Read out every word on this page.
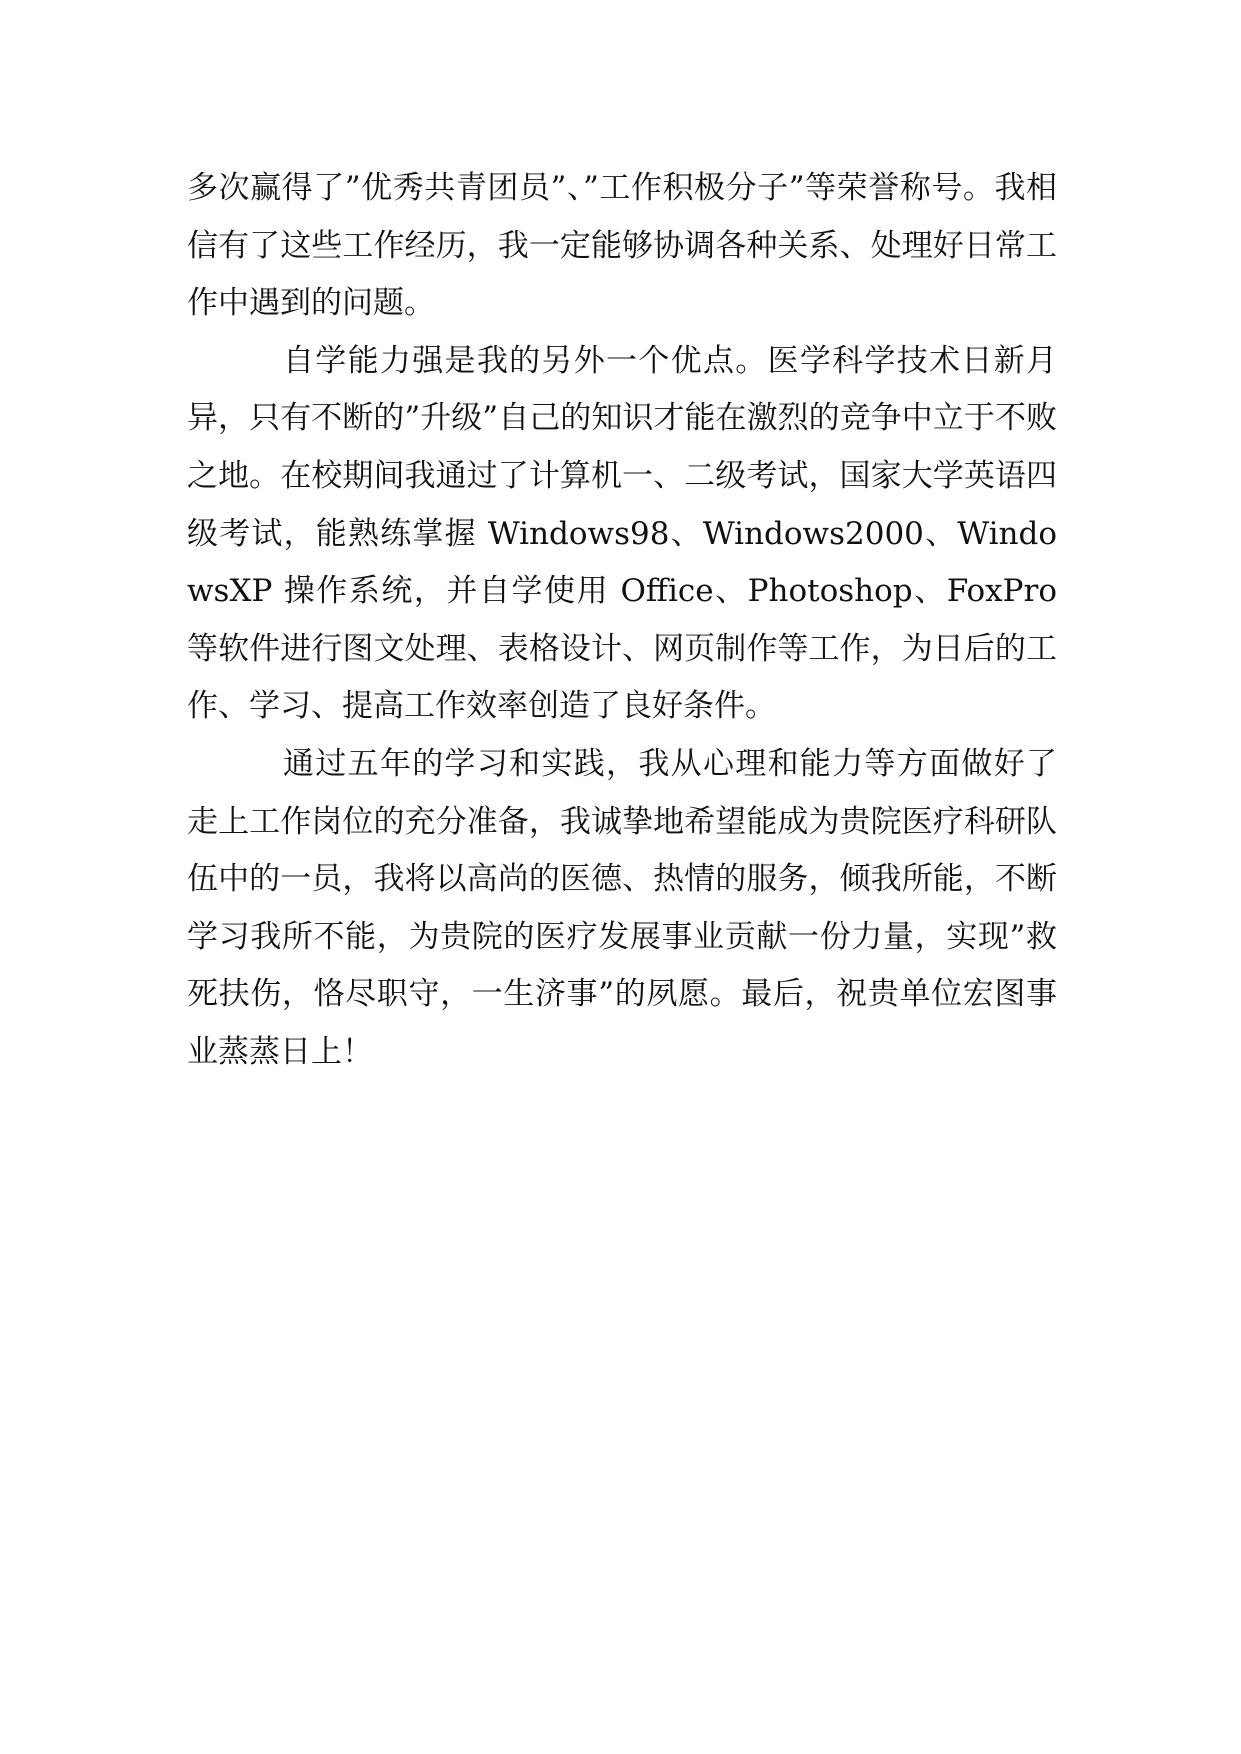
多次赢得了”优秀共青团员”、”工作积极分子”等荣誉称号。我相信有了这些工作经历，我一定能够协调各种关系、处理好日常工作中遇到的问题。

自学能力强是我的另外一个优点。医学科学技术日新月异，只有不断的”升级”自己的知识才能在激烈的竞争中立于不败之地。在校期间我通过了计算机一、二级考试，国家大学英语四级考试，能熟练掌握 Windows98、Windows2000、WindowsXP 操作系统，并自学使用 Office、Photoshop、FoxPro 等软件进行图文处理、表格设计、网页制作等工作，为日后的工作、学习、提高工作效率创造了良好条件。

通过五年的学习和实践，我从心理和能力等方面做好了走上工作岗位的充分准备，我诚挚地希望能成为贵院医疗科研队伍中的一员，我将以高尚的医德、热情的服务，倾我所能，不断学习我所不能，为贵院的医疗发展事业贡献一份力量，实现”救死扶伤，恪尽职守，一生济事”的夙愿。最后，祝贵单位宏图事业蒸蒸日上！
